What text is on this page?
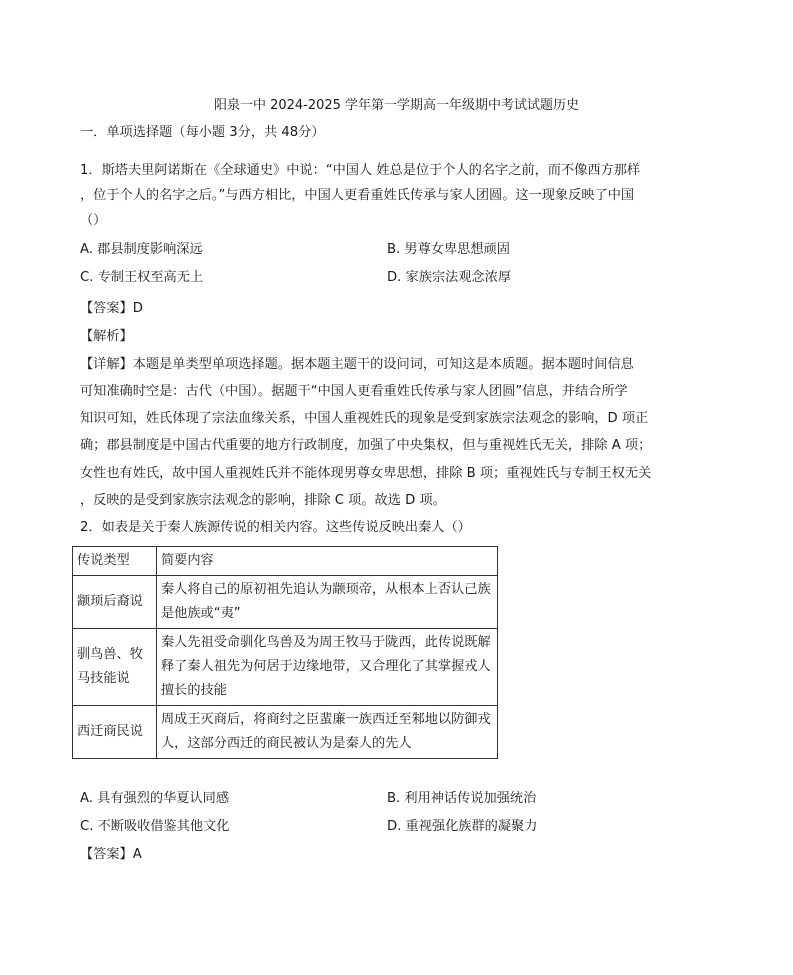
阳泉一中 2024-2025 学年第一学期高一年级期中考试试题历史
一．单项选择题（每小题 3分，共 48分）
1．斯塔夫里阿诺斯在《全球通史》中说：“中国人 姓总是位于个人的名字之前，而不像西方那样
，位于个人的名字之后。”与西方相比，中国人更看重姓氏传承与家人团圆。这一现象反映了中国
（）
A. 郡县制度影响深远	B. 男尊女卑思想顽固
C. 专制王权至高无上	D. 家族宗法观念浓厚
【答案】D
【解析】
【详解】本题是单类型单项选择题。据本题主题干的设问词，可知这是本质题。据本题时间信息
可知准确时空是：古代（中国）。据题干“中国人更看重姓氏传承与家人团圆”信息，并结合所学
知识可知，姓氏体现了宗法血缘关系，中国人重视姓氏的现象是受到家族宗法观念的影响，D 项正
确；郡县制度是中国古代重要的地方行政制度，加强了中央集权，但与重视姓氏无关，排除 A 项；
女性也有姓氏，故中国人重视姓氏并不能体现男尊女卑思想，排除 B 项；重视姓氏与专制王权无关
，反映的是受到家族宗法观念的影响，排除 C 项。故选 D 项。
2．如表是关于秦人族源传说的相关内容。这些传说反映出秦人（）
传说类型	简要内容
颛顼后裔说	秦人将自己的原初祖先追认为颛顼帝，从根本上否认己族是他族或“夷”
驯鸟兽、牧马技能说	秦人先祖受命驯化鸟兽及为周王牧马于陇西，此传说既解释了秦人祖先为何居于边缘地带，又合理化了其掌握戎人擅长的技能
西迁商民说	周成王灭商后，将商纣之臣蜚廉一族西迁至邾地以防御戎人，这部分西迁的商民被认为是秦人的先人
A. 具有强烈的华夏认同感	B. 利用神话传说加强统治
C. 不断吸收借鉴其他文化	D. 重视强化族群的凝聚力
【答案】A
